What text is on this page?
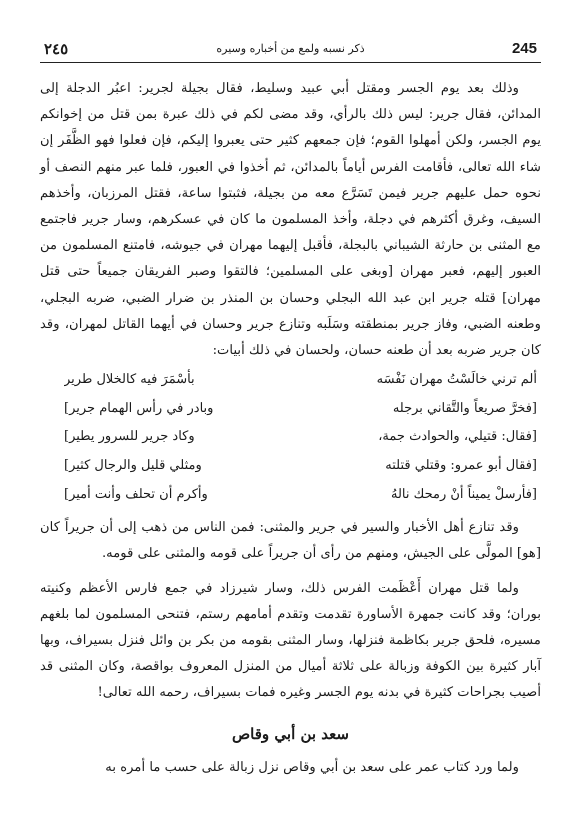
٢٤٥	ذكر نسبه ولمع من أخباره وسيره	245

وذلك بعد يوم الجسر ومقتل أبي عبيد وسليط، فقال بجيلة لجرير: اعبُر الدجلة إلى المدائن، فقال جرير: ليس ذلك بالرأي، وقد مضى لكم في ذلك عبرة بمن قتل من إخوانكم يوم الجسر، ولكن أمهلوا القوم؛ فإن جمعهم كثير حتى يعبروا إليكم، فإن فعلوا فهو الظَّفَر إن شاء الله تعالى، فأقامت الفرس أياماً بالمدائن، ثم أخذوا في العبور، فلما عبر منهم النصف أو نحوه حمل عليهم جرير فيمن تَسَرَّع معه من بجيلة، فثبتوا ساعة، فقتل المرزبان، وأخذهم السيف، وغرق أكثرهم في دجلة، وأخذ المسلمون ما كان في عسكرهم، وسار جرير فاجتمع مع المثنى بن حارثة الشيباني بالبجلة، فأقبل إليهما مهران في جيوشه، فامتنع المسلمون من العبور إليهم، فعبر مهران [وبغى على المسلمين؛ فالتقوا وصبر الفريقان جميعاً حتى قتل مهران] قتله جرير ابن عبد الله البجلي وحسان بن المنذر بن ضرار الضبي، ضربه البجلي، وطعنه الضبي، وفاز جرير بمنطقته وسَلَبه وتنازع جرير وحسان في أيهما القاتل لمهران، وقد كان جرير ضربه بعد أن طعنه حسان، ولحسان في ذلك أبيات:

ألم ترني خالَسْتُ مهران نَفْسَه
بأسْمَرَ فيه كالخلال طرير
[فخرَّ صريعاً والتَّقاني برجله
وبادر في رأس الهمام جرير]
[فقال: قتيلي، والحوادث جمة،
وكاد جرير للسرور يطير]
[فقال أبو عمرو: وقتلي قتلته
ومثلي قليل والرجال كثير]
[فأرسلْ يميناً أنْ رمحك نالهُ
وأكرم أن تحلف وأنت أمير]

وقد تنازع أهل الأخبار والسير في جرير والمثنى: فمن الناس من ذهب إلى أن جريراً كان [هو] المولَّى على الجيش، ومنهم من رأى أن جريراً على قومه والمثنى على قومه.

ولما قتل مهران أَعْظَمت الفرس ذلك، وسار شيرزاد في جمع فارس الأعظم وكنيته بوران؛ وقد كانت جمهرة الأساورة تقدمت وتقدم أمامهم رستم، فتنحى المسلمون لما بلغهم مسيره، فلحق جرير بكاظمة فنزلها، وسار المثنى بقومه من بكر بن وائل فنزل بسيراف، وبها آبار كثيرة بين الكوفة وزبالة على ثلاثة أميال من المنزل المعروف بواقصة، وكان المثنى قد أصيب بجراحات كثيرة في بدنه يوم الجسر وغيره فمات بسيراف، رحمه الله تعالى!

سعد بن أبي وقاص

ولما ورد كتاب عمر على سعد بن أبي وقاص نزل زبالة على حسب ما أمره به
